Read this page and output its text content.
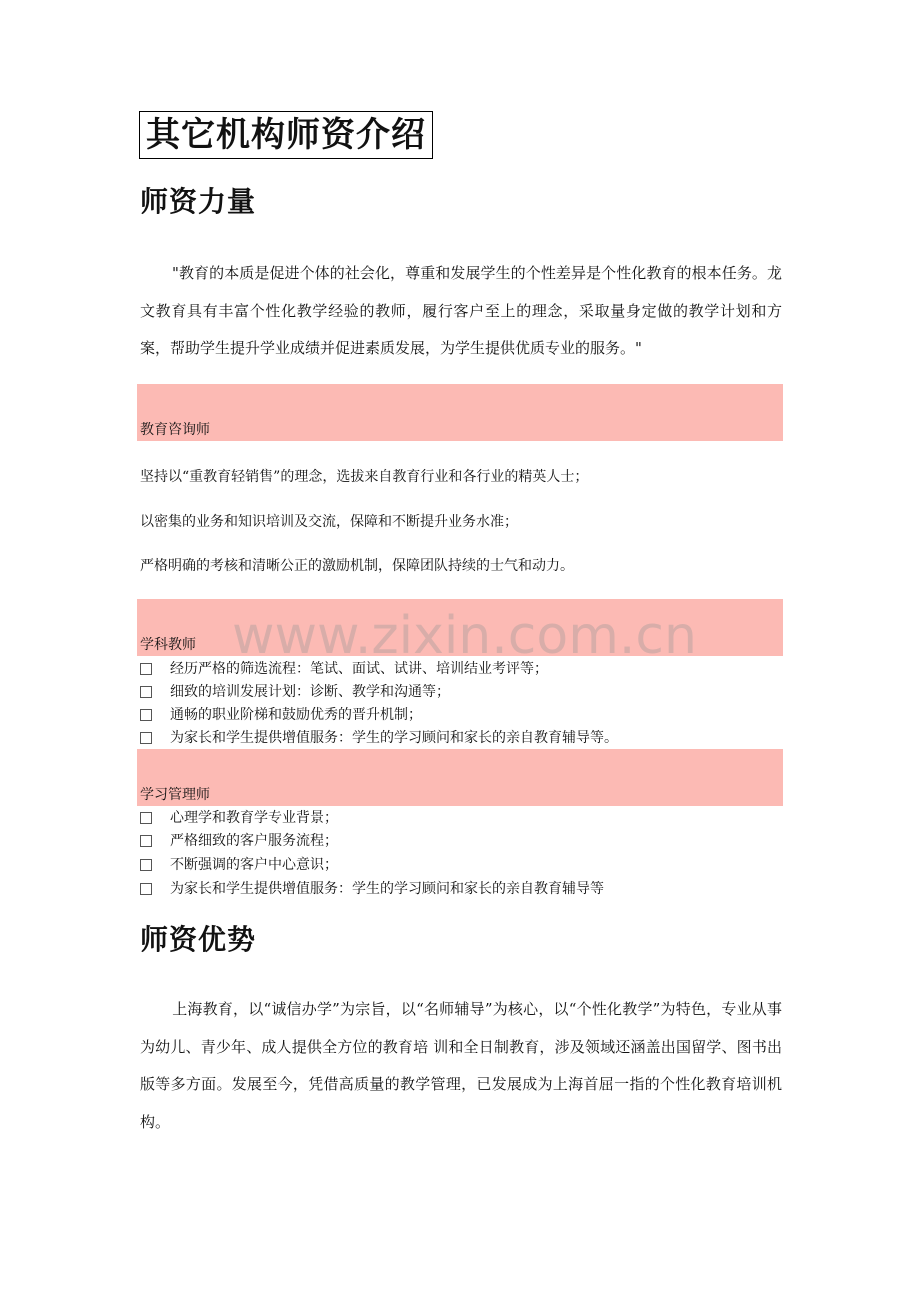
其它机构师资介绍
师资力量
"教育的本质是促进个体的社会化，尊重和发展学生的个性差异是个性化教育的根本任务。龙文教育具有丰富个性化教学经验的教师，履行客户至上的理念，采取量身定做的教学计划和方案，帮助学生提升学业成绩并促进素质发展，为学生提供优质专业的服务。"
教育咨询师
坚持以“重教育轻销售”的理念，选拔来自教育行业和各行业的精英人士；
以密集的业务和知识培训及交流，保障和不断提升业务水准；
严格明确的考核和清晰公正的激励机制，保障团队持续的士气和动力。
学科教师
经历严格的筛选流程：笔试、面试、试讲、培训结业考评等；
细致的培训发展计划：诊断、教学和沟通等；
通畅的职业阶梯和鼓励优秀的晋升机制；
为家长和学生提供增值服务：学生的学习顾问和家长的亲自教育辅导等。
学习管理师
心理学和教育学专业背景；
严格细致的客户服务流程；
不断强调的客户中心意识；
为家长和学生提供增值服务：学生的学习顾问和家长的亲自教育辅导等
师资优势
上海教育，以“诚信办学”为宗旨，以“名师辅导”为核心，以“个性化教学”为特色，专业从事为幼儿、青少年、成人提供全方位的教育培 训和全日制教育，涉及领域还涵盖出国留学、图书出版等多方面。发展至今，凭借高质量的教学管理，已发展成为上海首屈一指的个性化教育培训机构。
www.zixin.com.cn
